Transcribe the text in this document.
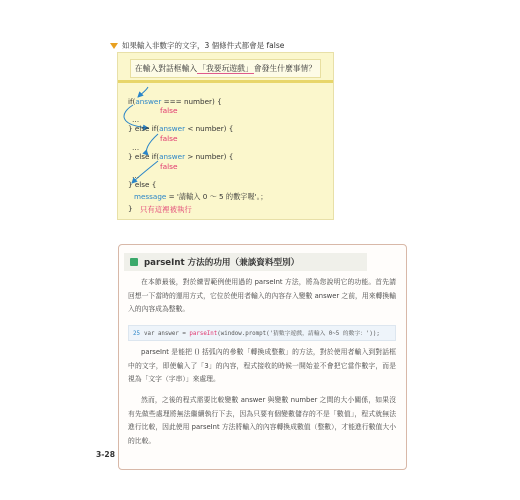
如果輸入非數字的文字，3 個條件式都會是 false
在輸入對話框輸入「我要玩遊戲」會發生什麼事情？
if(answer === number) {
false
…
} else if(answer < number) {
false
…
} else if(answer > number) {
false
…
} else {
message = '請輸入 0 ～ 5 的數字喔'。；
} 只有這裡被執行
parseInt 方法的功用（兼談資料型別）
在本節最後，對於練習範例使用過的 parseInt 方法，將為您說明它的功能。首先請回想一下當時的運用方式，它位於使用者輸入的內容存入變數 answer 之前，用來轉換輸入的內容成為整數。
25 var answer = parseInt(window.prompt('猜數字遊戲，請輸入 0~5 的數字：'));
parseInt 是能把 () 括弧內的參數「轉換成整數」的方法，對於使用者輸入到對話框中的文字，即使輸入了「3」的內容，程式接收的時候一開始並不會把它當作數字，而是視為「文字（字串）」來處理。
然而，之後的程式需要比較變數 answer 與變數 number 之間的大小關係，如果沒有先做些處理將無法繼續執行下去，因為只要有個變數儲存的不是「數值」，程式就無法進行比較，因此使用 parseInt 方法將輸入的內容轉換成數值（整數），才能進行數值大小的比較。
3-28
